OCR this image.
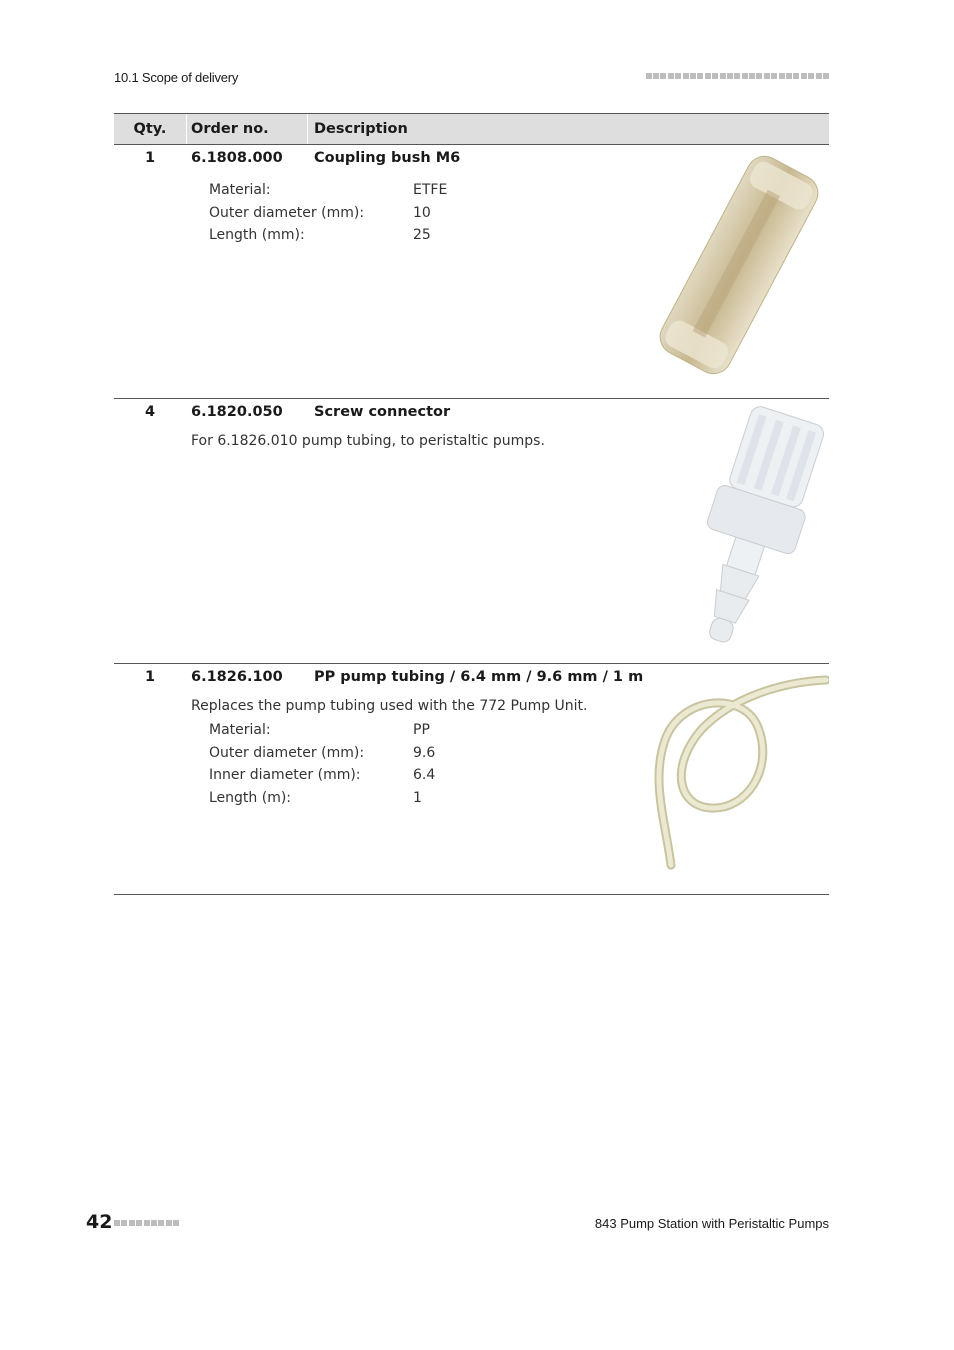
10.1 Scope of delivery
Qty.	Order no.	Description
1	6.1808.000 Coupling bush M6
Material:	ETFE
Outer diameter (mm):	10
Length (mm):	25
4	6.1820.050 Screw connector
For 6.1826.010 pump tubing, to peristaltic pumps.
1	6.1826.100 PP pump tubing / 6.4 mm / 9.6 mm / 1 m
Replaces the pump tubing used with the 772 Pump Unit.
Material:	PP
Outer diameter (mm):	9.6
Inner diameter (mm):	6.4
Length (m):	1
42	843 Pump Station with Peristaltic Pumps
